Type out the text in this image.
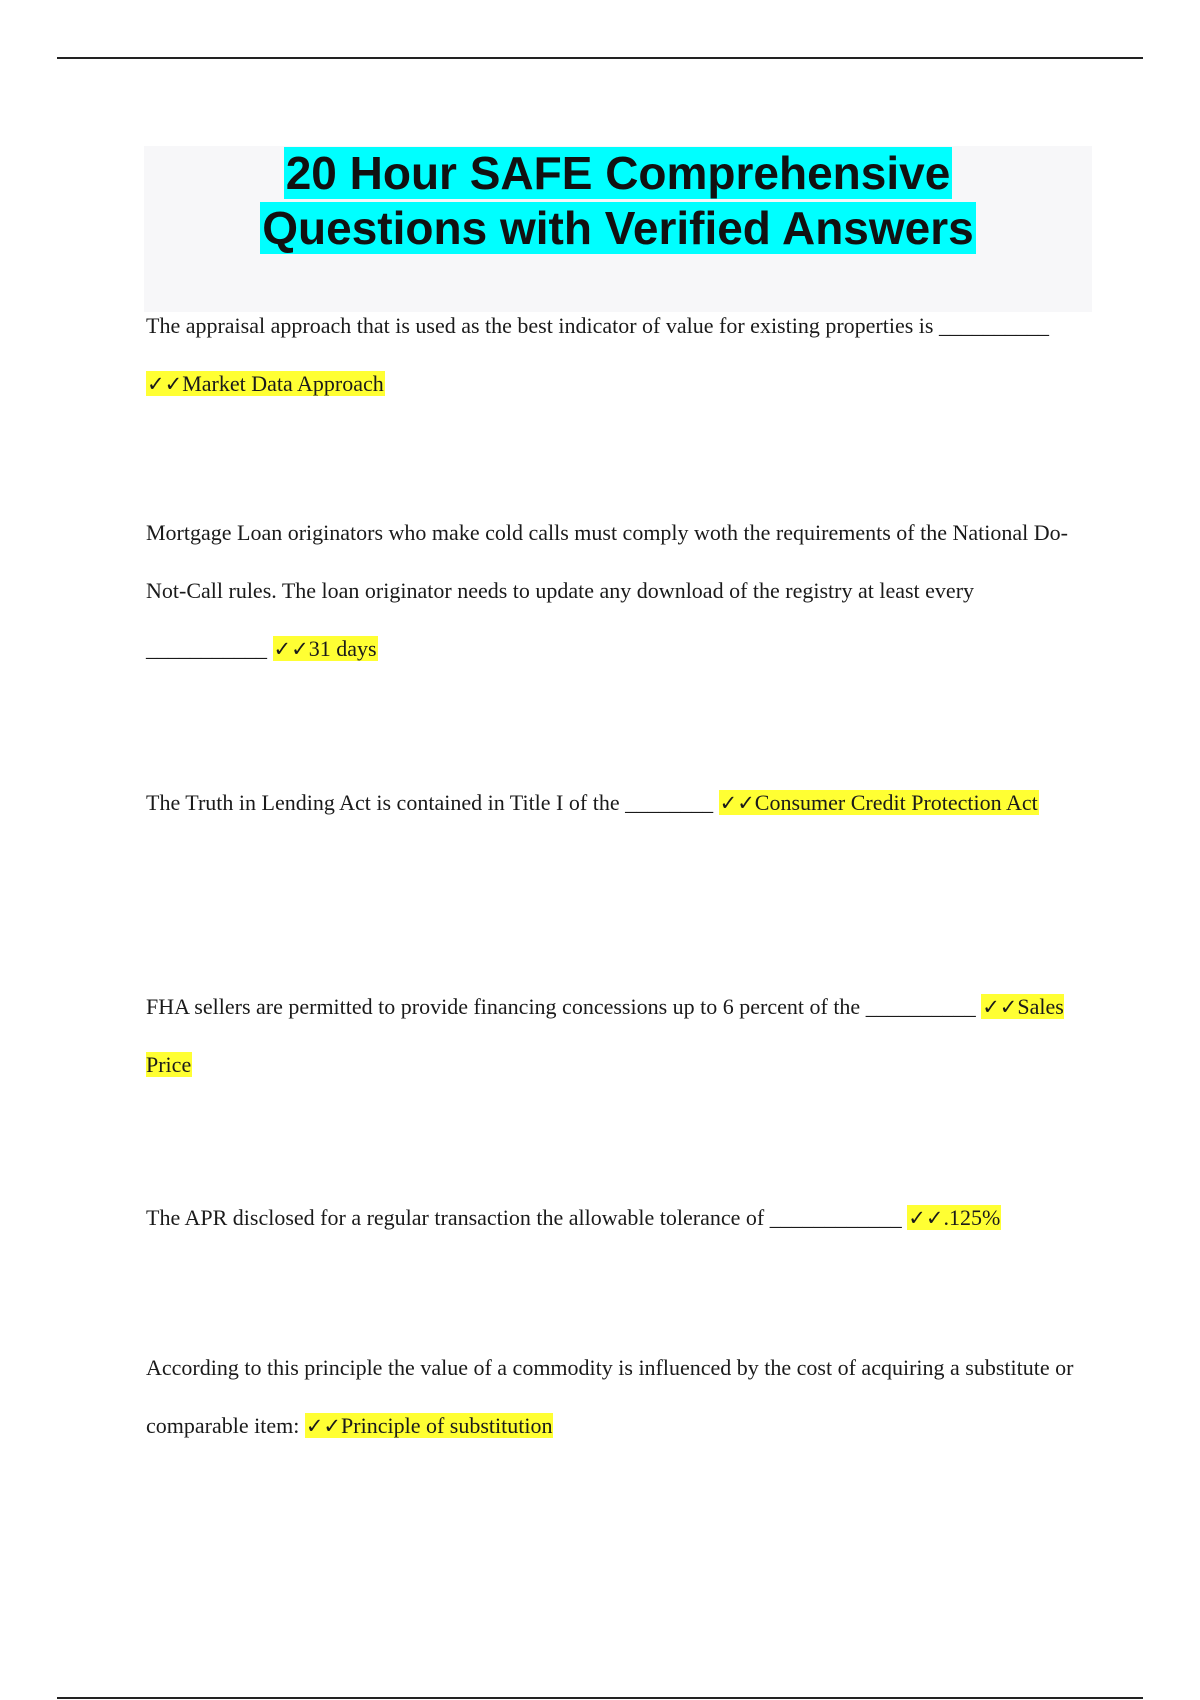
20 Hour SAFE Comprehensive
Questions with Verified Answers

The appraisal approach that is used as the best indicator of value for existing properties is __________ ✓✓Market Data Approach

Mortgage Loan originators who make cold calls must comply woth the requirements of the National Do-Not-Call rules. The loan originator needs to update any download of the registry at least every ___________ ✓✓31 days

The Truth in Lending Act is contained in Title I of the ________ ✓✓Consumer Credit Protection Act

FHA sellers are permitted to provide financing concessions up to 6 percent of the __________ ✓✓Sales Price

The APR disclosed for a regular transaction the allowable tolerance of ____________ ✓✓.125%

According to this principle the value of a commodity is influenced by the cost of acquiring a substitute or comparable item: ✓✓Principle of substitution
